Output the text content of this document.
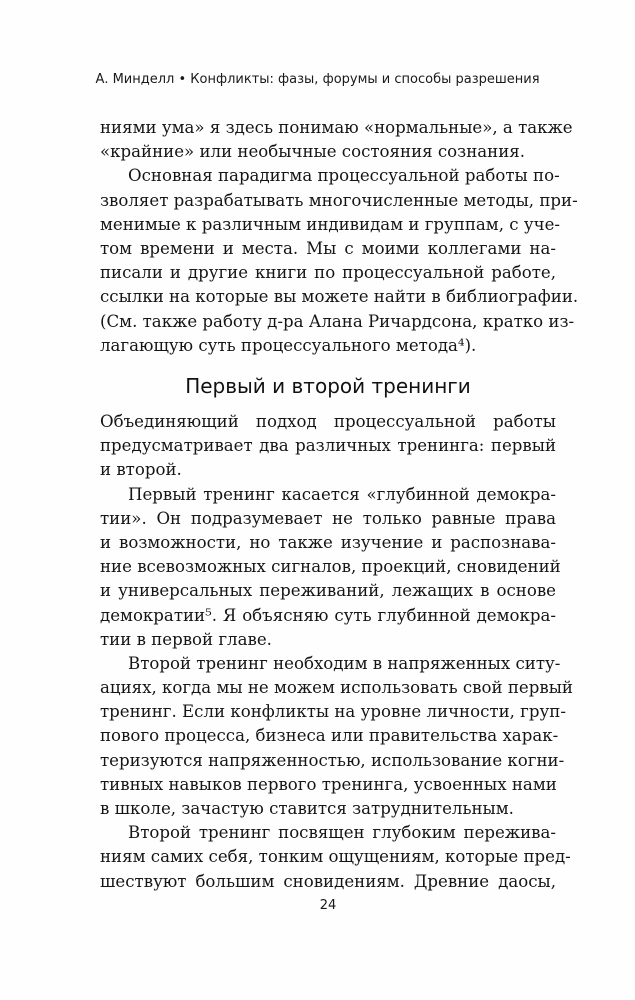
А. Минделл • Конфликты: фазы, форумы и способы разрешения
ниями ума» я здесь понимаю «нормальные», а также
«крайние» или необычные состояния сознания.
Основная парадигма процессуальной работы по-
зволяет разрабатывать многочисленные методы, при-
менимые к различным индивидам и группам, с уче-
том времени и места. Мы с моими коллегами на-
писали и другие книги по процессуальной работе,
ссылки на которые вы можете найти в библиографии.
(См. также работу д-ра Алана Ричардсона, кратко из-
лагающую суть процессуального метода⁴).
Первый и второй тренинги
Объединяющий подход процессуальной работы
предусматривает два различных тренинга: первый
и второй.
Первый тренинг касается «глубинной демокра-
тии». Он подразумевает не только равные права
и возможности, но также изучение и распознава-
ние всевозможных сигналов, проекций, сновидений
и универсальных переживаний, лежащих в основе
демократии⁵. Я объясняю суть глубинной демокра-
тии в первой главе.
Второй тренинг необходим в напряженных ситу-
ациях, когда мы не можем использовать свой первый
тренинг. Если конфликты на уровне личности, груп-
пового процесса, бизнеса или правительства харак-
теризуются напряженностью, использование когни-
тивных навыков первого тренинга, усвоенных нами
в школе, зачастую ставится затруднительным.
Второй тренинг посвящен глубоким пережива-
ниям самих себя, тонким ощущениям, которые пред-
шествуют большим сновидениям. Древние даосы,
24
